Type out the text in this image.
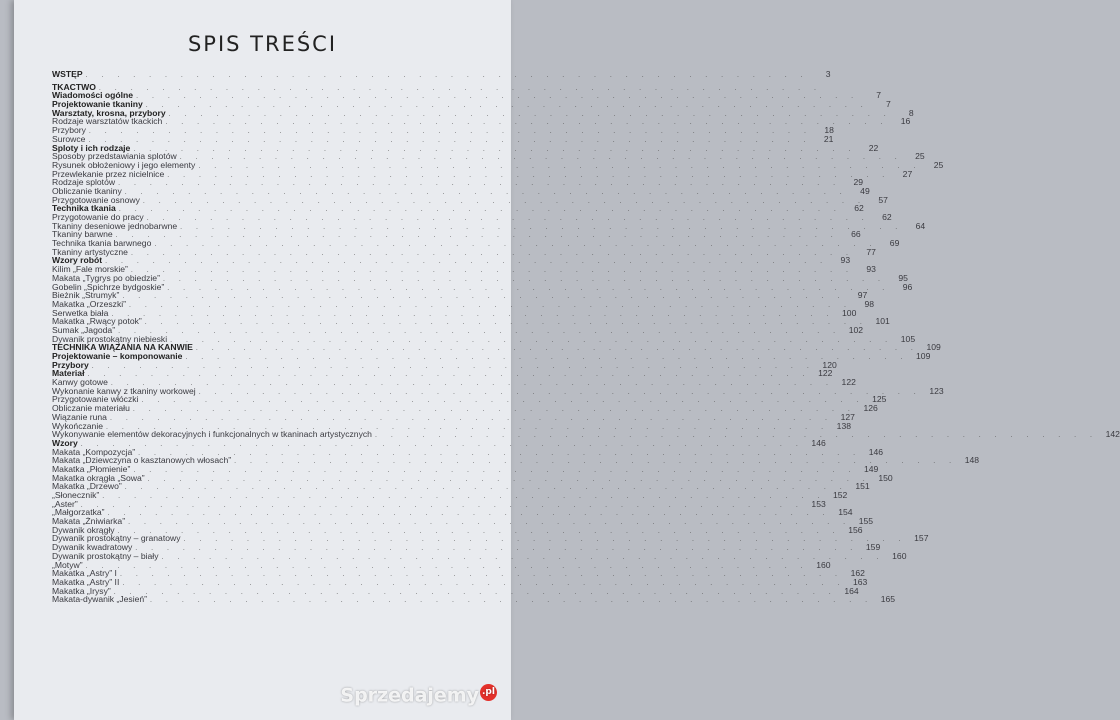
SPIS TREŚCI
WSTĘP . . . . . . . . . . . . . . . . . . . . . . . . . . . . . . . . . . . . . . . . . . . . . .	3
TKACTWO . . . . . . . . . . . . . . . . . . . . . . . . . . . . . . . . . . . . . . . . . . . . . .
Wiadomości ogólne . . . . . . . . . . . . . . . . . . . . . . . . . . . . . . . . . . . . . . . . . . . . . .	7
Projektowanie tkaniny . . . . . . . . . . . . . . . . . . . . . . . . . . . . . . . . . . . . . . . . . . . . . .	7
Warsztaty, krosna, przybory . . . . . . . . . . . . . . . . . . . . . . . . . . . . . . . . . . . . . . . . . . . . . .	8
Rodzaje warsztatów tkackich . . . . . . . . . . . . . . . . . . . . . . . . . . . . . . . . . . . . . . . . . . . . . .	16
Przybory . . . . . . . . . . . . . . . . . . . . . . . . . . . . . . . . . . . . . . . . . . . . . .	18
Surowce . . . . . . . . . . . . . . . . . . . . . . . . . . . . . . . . . . . . . . . . . . . . . .	21
Sploty i ich rodzaje . . . . . . . . . . . . . . . . . . . . . . . . . . . . . . . . . . . . . . . . . . . . . .	22
Sposoby przedstawiania splotów . . . . . . . . . . . . . . . . . . . . . . . . . . . . . . . . . . . . . . . . . . . . . .	25
Rysunek obłożeniowy i jego elementy . . . . . . . . . . . . . . . . . . . . . . . . . . . . . . . . . . . . . . . . . . . . . .	25
Przewlekanie przez nicielnice . . . . . . . . . . . . . . . . . . . . . . . . . . . . . . . . . . . . . . . . . . . . . .	27
Rodzaje splotów . . . . . . . . . . . . . . . . . . . . . . . . . . . . . . . . . . . . . . . . . . . . . .	29
Obliczanie tkaniny . . . . . . . . . . . . . . . . . . . . . . . . . . . . . . . . . . . . . . . . . . . . . .	49
Przygotowanie osnowy . . . . . . . . . . . . . . . . . . . . . . . . . . . . . . . . . . . . . . . . . . . . . .	57
Technika tkania . . . . . . . . . . . . . . . . . . . . . . . . . . . . . . . . . . . . . . . . . . . . . .	62
Przygotowanie do pracy . . . . . . . . . . . . . . . . . . . . . . . . . . . . . . . . . . . . . . . . . . . . . .	62
Tkaniny deseniowe jednobarwne . . . . . . . . . . . . . . . . . . . . . . . . . . . . . . . . . . . . . . . . . . . . . .	64
Tkaniny barwne . . . . . . . . . . . . . . . . . . . . . . . . . . . . . . . . . . . . . . . . . . . . . .	66
Technika tkania barwnego . . . . . . . . . . . . . . . . . . . . . . . . . . . . . . . . . . . . . . . . . . . . . .	69
Tkaniny artystyczne . . . . . . . . . . . . . . . . . . . . . . . . . . . . . . . . . . . . . . . . . . . . . .	77
Wzory robót . . . . . . . . . . . . . . . . . . . . . . . . . . . . . . . . . . . . . . . . . . . . . .	93
Kilim „Fale morskie” . . . . . . . . . . . . . . . . . . . . . . . . . . . . . . . . . . . . . . . . . . . . . .	93
Makata „Tygrys po obiedzie” . . . . . . . . . . . . . . . . . . . . . . . . . . . . . . . . . . . . . . . . . . . . . .	95
Gobelin „Spichrze bydgoskie” . . . . . . . . . . . . . . . . . . . . . . . . . . . . . . . . . . . . . . . . . . . . . .	96
Bieżnik „Strumyk” . . . . . . . . . . . . . . . . . . . . . . . . . . . . . . . . . . . . . . . . . . . . . .	97
Makatka „Orzeszki” . . . . . . . . . . . . . . . . . . . . . . . . . . . . . . . . . . . . . . . . . . . . . .	98
Serwetka biała . . . . . . . . . . . . . . . . . . . . . . . . . . . . . . . . . . . . . . . . . . . . . . 100
Makatka „Rwący potok” . . . . . . . . . . . . . . . . . . . . . . . . . . . . . . . . . . . . . . . . . . . . . . 101
Sumak „Jagoda” . . . . . . . . . . . . . . . . . . . . . . . . . . . . . . . . . . . . . . . . . . . . . . 102
Dywanik prostokątny niebieski . . . . . . . . . . . . . . . . . . . . . . . . . . . . . . . . . . . . . . . . . . . . . . 105
TECHNIKA WIĄZANIA NA KANWIE . . . . . . . . . . . . . . . . . . . . . . . . . . . . . . . . . . . . . . . . . . . . . . 109
Projektowanie – komponowanie . . . . . . . . . . . . . . . . . . . . . . . . . . . . . . . . . . . . . . . . . . . . . . 109
Przybory . . . . . . . . . . . . . . . . . . . . . . . . . . . . . . . . . . . . . . . . . . . . . . 120
Materiał . . . . . . . . . . . . . . . . . . . . . . . . . . . . . . . . . . . . . . . . . . . . . . 122
Kanwy gotowe . . . . . . . . . . . . . . . . . . . . . . . . . . . . . . . . . . . . . . . . . . . . . . 122
Wykonanie kanwy z tkaniny workowej . . . . . . . . . . . . . . . . . . . . . . . . . . . . . . . . . . . . . . . . . . . . . . 123
Przygotowanie włóczki . . . . . . . . . . . . . . . . . . . . . . . . . . . . . . . . . . . . . . . . . . . . . . 125
Obliczanie materiału . . . . . . . . . . . . . . . . . . . . . . . . . . . . . . . . . . . . . . . . . . . . . . 126
Wiązanie runa . . . . . . . . . . . . . . . . . . . . . . . . . . . . . . . . . . . . . . . . . . . . . . 127
Wykończanie . . . . . . . . . . . . . . . . . . . . . . . . . . . . . . . . . . . . . . . . . . . . . . 138
Wykonywanie elementów dekoracyjnych i funkcjonalnych w tkaninach artystycznych . . . . . . . . . . . . . . . . . . . . . . . . . . . . . . . . . . . . . . . . . . . . . . 142
Wzory . . . . . . . . . . . . . . . . . . . . . . . . . . . . . . . . . . . . . . . . . . . . . . 146
Makata „Kompozycja” . . . . . . . . . . . . . . . . . . . . . . . . . . . . . . . . . . . . . . . . . . . . . . 146
Makata „Dziewczyna o kasztanowych włosach” . . . . . . . . . . . . . . . . . . . . . . . . . . . . . . . . . . . . . . . . . . . . . . 148
Makatka „Płomienie” . . . . . . . . . . . . . . . . . . . . . . . . . . . . . . . . . . . . . . . . . . . . . . 149
Makatka okrągła „Sowa” . . . . . . . . . . . . . . . . . . . . . . . . . . . . . . . . . . . . . . . . . . . . . . 150
Makatka „Drzewo” . . . . . . . . . . . . . . . . . . . . . . . . . . . . . . . . . . . . . . . . . . . . . . 151
„Słonecznik” . . . . . . . . . . . . . . . . . . . . . . . . . . . . . . . . . . . . . . . . . . . . . . 152
„Aster” . . . . . . . . . . . . . . . . . . . . . . . . . . . . . . . . . . . . . . . . . . . . . . 153
„Małgorzatka” . . . . . . . . . . . . . . . . . . . . . . . . . . . . . . . . . . . . . . . . . . . . . . 154
Makata „Żniwiarka” . . . . . . . . . . . . . . . . . . . . . . . . . . . . . . . . . . . . . . . . . . . . . . 155
Dywanik okrągły . . . . . . . . . . . . . . . . . . . . . . . . . . . . . . . . . . . . . . . . . . . . . . 156
Dywanik prostokątny – granatowy . . . . . . . . . . . . . . . . . . . . . . . . . . . . . . . . . . . . . . . . . . . . . . 157
Dywanik kwadratowy . . . . . . . . . . . . . . . . . . . . . . . . . . . . . . . . . . . . . . . . . . . . . . 159
Dywanik prostokątny – biały . . . . . . . . . . . . . . . . . . . . . . . . . . . . . . . . . . . . . . . . . . . . . . 160
„Motyw” . . . . . . . . . . . . . . . . . . . . . . . . . . . . . . . . . . . . . . . . . . . . . . 160
Makatka „Astry” I . . . . . . . . . . . . . . . . . . . . . . . . . . . . . . . . . . . . . . . . . . . . . . 162
Makatka „Astry” II . . . . . . . . . . . . . . . . . . . . . . . . . . . . . . . . . . . . . . . . . . . . . . 163
Makatka „Irysy” . . . . . . . . . . . . . . . . . . . . . . . . . . . . . . . . . . . . . . . . . . . . . . 164
Makata-dywanik „Jesień” . . . . . . . . . . . . . . . . . . . . . . . . . . . . . . . . . . . . . . . . . . . . . . 165
Sprzedajemy .pl
